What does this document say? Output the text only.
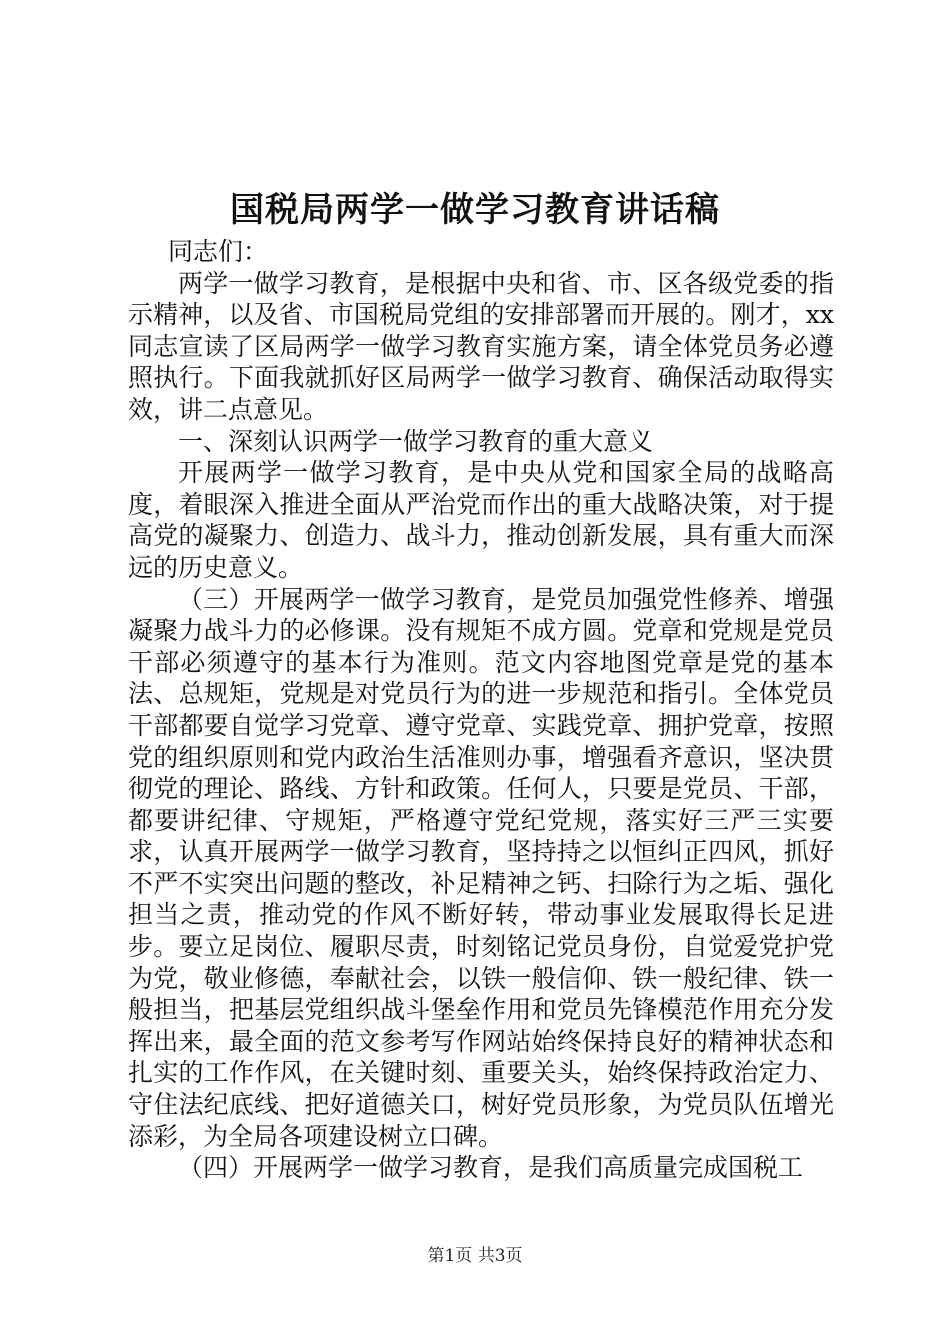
国税局两学一做学习教育讲话稿

同志们：

两学一做学习教育，是根据中央和省、市、区各级党委的指示精神，以及省、市国税局党组的安排部署而开展的。刚才，xx同志宣读了区局两学一做学习教育实施方案，请全体党员务必遵照执行。下面我就抓好区局两学一做学习教育、确保活动取得实效，讲二点意见。

一、深刻认识两学一做学习教育的重大意义

开展两学一做学习教育，是中央从党和国家全局的战略高度，着眼深入推进全面从严治党而作出的重大战略决策，对于提高党的凝聚力、创造力、战斗力，推动创新发展，具有重大而深远的历史意义。

（三）开展两学一做学习教育，是党员加强党性修养、增强凝聚力战斗力的必修课。没有规矩不成方圆。党章和党规是党员干部必须遵守的基本行为准则。范文内容地图党章是党的基本法、总规矩，党规是对党员行为的进一步规范和指引。全体党员干部都要自觉学习党章、遵守党章、实践党章、拥护党章，按照党的组织原则和党内政治生活准则办事，增强看齐意识，坚决贯彻党的理论、路线、方针和政策。任何人，只要是党员、干部，都要讲纪律、守规矩，严格遵守党纪党规，落实好三严三实要求，认真开展两学一做学习教育，坚持持之以恒纠正四风，抓好不严不实突出问题的整改，补足精神之钙、扫除行为之垢、强化担当之责，推动党的作风不断好转，带动事业发展取得长足进步。要立足岗位、履职尽责，时刻铭记党员身份，自觉爱党护党为党，敬业修德，奉献社会，以铁一般信仰、铁一般纪律、铁一般担当，把基层党组织战斗堡垒作用和党员先锋模范作用充分发挥出来，最全面的范文参考写作网站始终保持良好的精神状态和扎实的工作作风，在关键时刻、重要关头，始终保持政治定力、守住法纪底线、把好道德关口，树好党员形象，为党员队伍增光添彩，为全局各项建设树立口碑。

（四）开展两学一做学习教育，是我们高质量完成国税工

第1页 共3页
